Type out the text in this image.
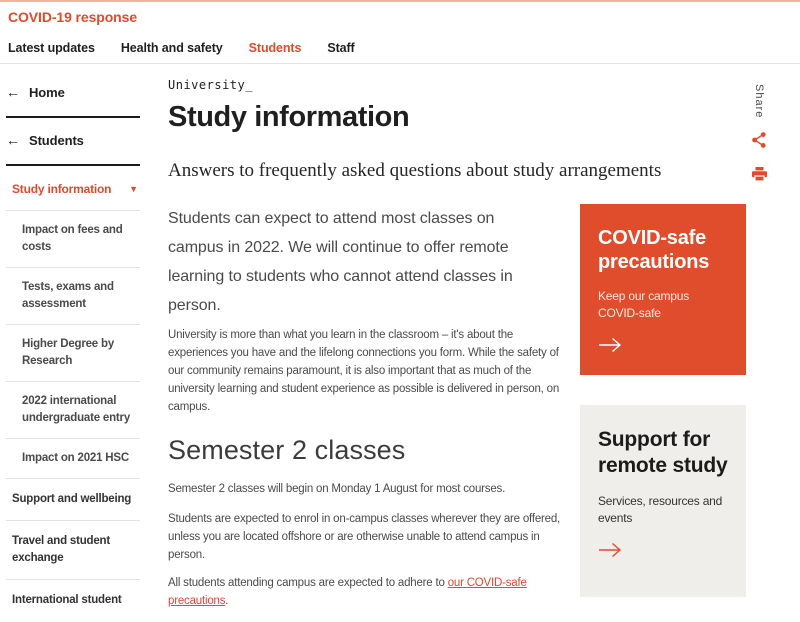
COVID-19 response
Latest updates Health and safety Students Staff
← Home
← Students
Study information ▼
Impact on fees and costs
Tests, exams and assessment
Higher Degree by Research
2022 international undergraduate entry
Impact on 2021 HSC
Support and wellbeing
Travel and student exchange
International student
University_
Study information
Answers to frequently asked questions about study arrangements

Students can expect to attend most classes on campus in 2022. We will continue to offer remote learning to students who cannot attend classes in person.

University is more than what you learn in the classroom – it's about the experiences you have and the lifelong connections you form. While the safety of our community remains paramount, it is also important that as much of the university learning and student experience as possible is delivered in person, on campus.

Semester 2 classes

Semester 2 classes will begin on Monday 1 August for most courses.

Students are expected to enrol in on-campus classes wherever they are offered, unless you are located offshore or are otherwise unable to attend campus in person.

All students attending campus are expected to adhere to our COVID-safe precautions.

Share
COVID-safe precautions
Keep our campus COVID-safe
Support for remote study
Services, resources and events
